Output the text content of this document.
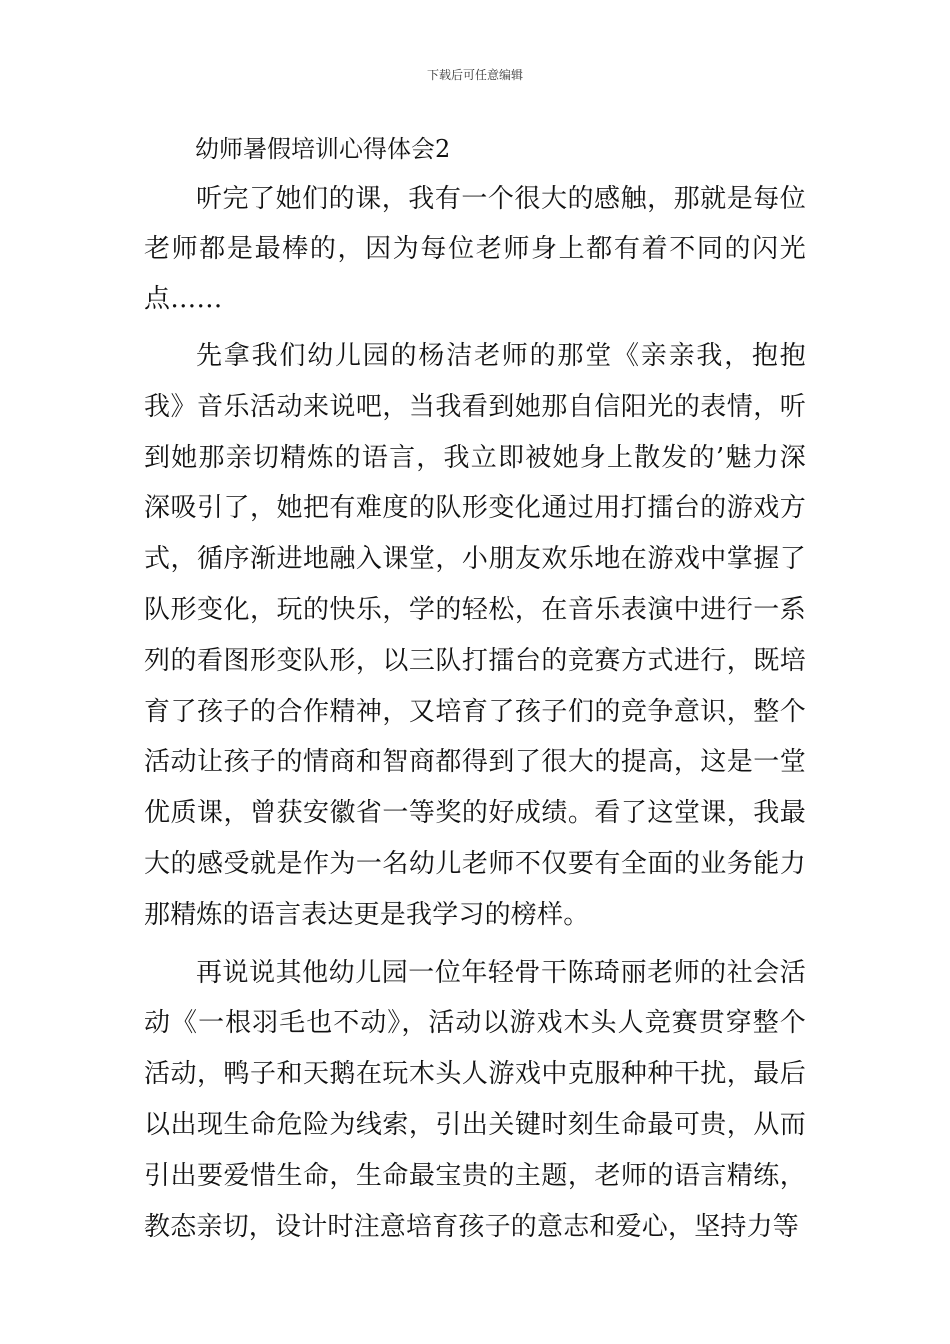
下载后可任意编辑
幼师暑假培训心得体会2

听完了她们的课，我有一个很大的感触，那就是每位老师都是最棒的，因为每位老师身上都有着不同的闪光点……

先拿我们幼儿园的杨洁老师的那堂《亲亲我，抱抱我》音乐活动来说吧，当我看到她那自信阳光的表情，听到她那亲切精炼的语言，我立即被她身上散发的’魅力深深吸引了，她把有难度的队形变化通过用打擂台的游戏方式，循序渐进地融入课堂，小朋友欢乐地在游戏中掌握了队形变化，玩的快乐，学的轻松，在音乐表演中进行一系列的看图形变队形，以三队打擂台的竞赛方式进行，既培育了孩子的合作精神，又培育了孩子们的竞争意识，整个活动让孩子的情商和智商都得到了很大的提高，这是一堂优质课，曾获安徽省一等奖的好成绩。看了这堂课，我最大的感受就是作为一名幼儿老师不仅要有全面的业务能力那精炼的语言表达更是我学习的榜样。

再说说其他幼儿园一位年轻骨干陈琦丽老师的社会活动《一根羽毛也不动》，活动以游戏木头人竞赛贯穿整个活动，鸭子和天鹅在玩木头人游戏中克服种种干扰，最后以出现生命危险为线索，引出关键时刻生命最可贵，从而引出要爱惜生命，生命最宝贵的主题，老师的语言精练，教态亲切，设计时注意培育孩子的意志和爱心，坚持力等
